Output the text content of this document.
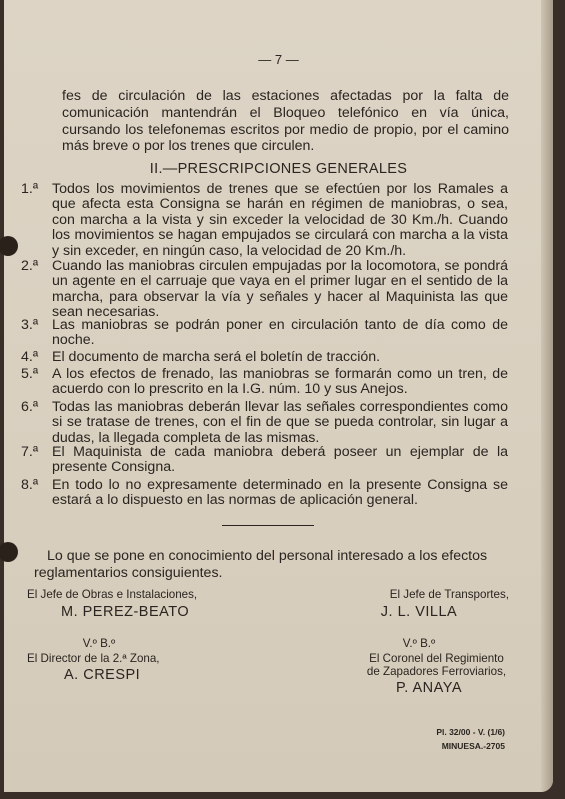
— 7 —
fes de circulación de las estaciones afectadas por la falta de comunicación mantendrán el Bloqueo telefónico en vía única, cursando los telefonemas escritos por medio de propio, por el camino más breve o por los trenes que circulen.
II.—PRESCRIPCIONES GENERALES
1.ª Todos los movimientos de trenes que se efectúen por los Ramales a que afecta esta Consigna se harán en régimen de maniobras, o sea, con marcha a la vista y sin exceder la velocidad de 30 Km./h. Cuando los movimientos se hagan empujados se circulará con marcha a la vista y sin exceder, en ningún caso, la velocidad de 20 Km./h.
2.ª Cuando las maniobras circulen empujadas por la locomotora, se pondrá un agente en el carruaje que vaya en el primer lugar en el sentido de la marcha, para observar la vía y señales y hacer al Maquinista las que sean necesarias.
3.ª Las maniobras se podrán poner en circulación tanto de día como de noche.
4.ª El documento de marcha será el boletín de tracción.
5.ª A los efectos de frenado, las maniobras se formarán como un tren, de acuerdo con lo prescrito en la I.G. núm. 10 y sus Anejos.
6.ª Todas las maniobras deberán llevar las señales correspondientes como si se tratase de trenes, con el fin de que se pueda controlar, sin lugar a dudas, la llegada completa de las mismas.
7.ª El Maquinista de cada maniobra deberá poseer un ejemplar de la presente Consigna.
8.ª En todo lo no expresamente determinado en la presente Consigna se estará a lo dispuesto en las normas de aplicación general.
Lo que se pone en conocimiento del personal interesado a los efectos reglamentarios consiguientes.
El Jefe de Obras e Instalaciones,
M. PEREZ-BEATO
El Jefe de Transportes,
J. L. VILLA
V.º B.º
El Director de la 2.ª Zona,
A. CRESPI
V.º B.º
El Coronel del Regimiento
de Zapadores Ferroviarios,
P. ANAYA
Pl. 32/00 - V. (1/6)
MINUESA.-2705
